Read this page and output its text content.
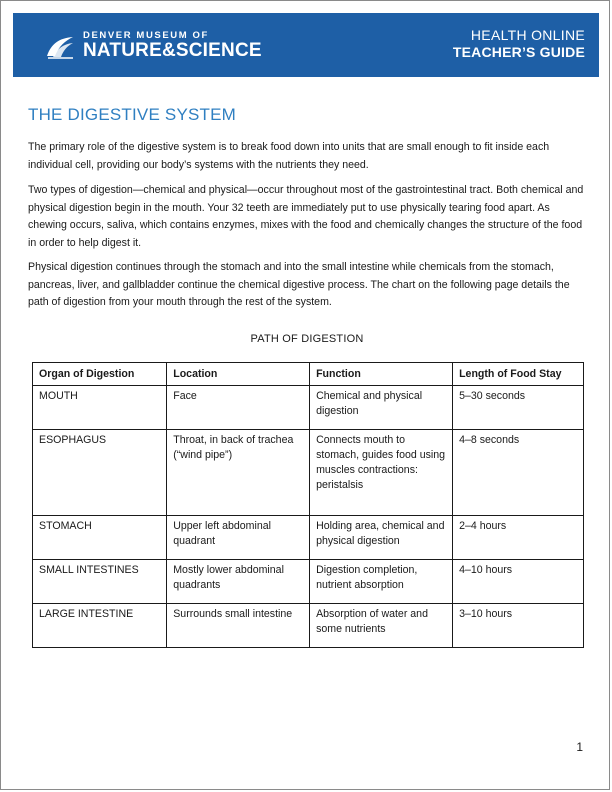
DENVER MUSEUM OF
NATURE&SCIENCE
HEALTH ONLINE
TEACHER’S GUIDE
THE DIGESTIVE SYSTEM
The primary role of the digestive system is to break food down into units that are small enough to fit inside each individual cell, providing our body’s systems with the nutrients they need.
Two types of digestion—chemical and physical—occur throughout most of the gastrointestinal tract. Both chemical and physical digestion begin in the mouth. Your 32 teeth are immediately put to use physically tearing food apart. As chewing occurs, saliva, which contains enzymes, mixes with the food and chemically changes the structure of the food in order to help digest it.
Physical digestion continues through the stomach and into the small intestine while chemicals from the stomach, pancreas, liver, and gallbladder continue the chemical digestive process. The chart on the following page details the path of digestion from your mouth through the rest of the system.
PATH OF DIGESTION
Organ of Digestion	Location	Function	Length of Food Stay
MOUTH	Face	Chemical and physical digestion	5–30 seconds
ESOPHAGUS	Throat, in back of trachea (“wind pipe”)	Connects mouth to stomach, guides food using muscles contractions: peristalsis	4–8 seconds
STOMACH	Upper left abdominal quadrant	Holding area, chemical and physical digestion	2–4 hours
SMALL INTESTINES	Mostly lower abdominal quadrants	Digestion completion, nutrient absorption	4–10 hours
LARGE INTESTINE	Surrounds small intestine	Absorption of water and some nutrients	3–10 hours
1
